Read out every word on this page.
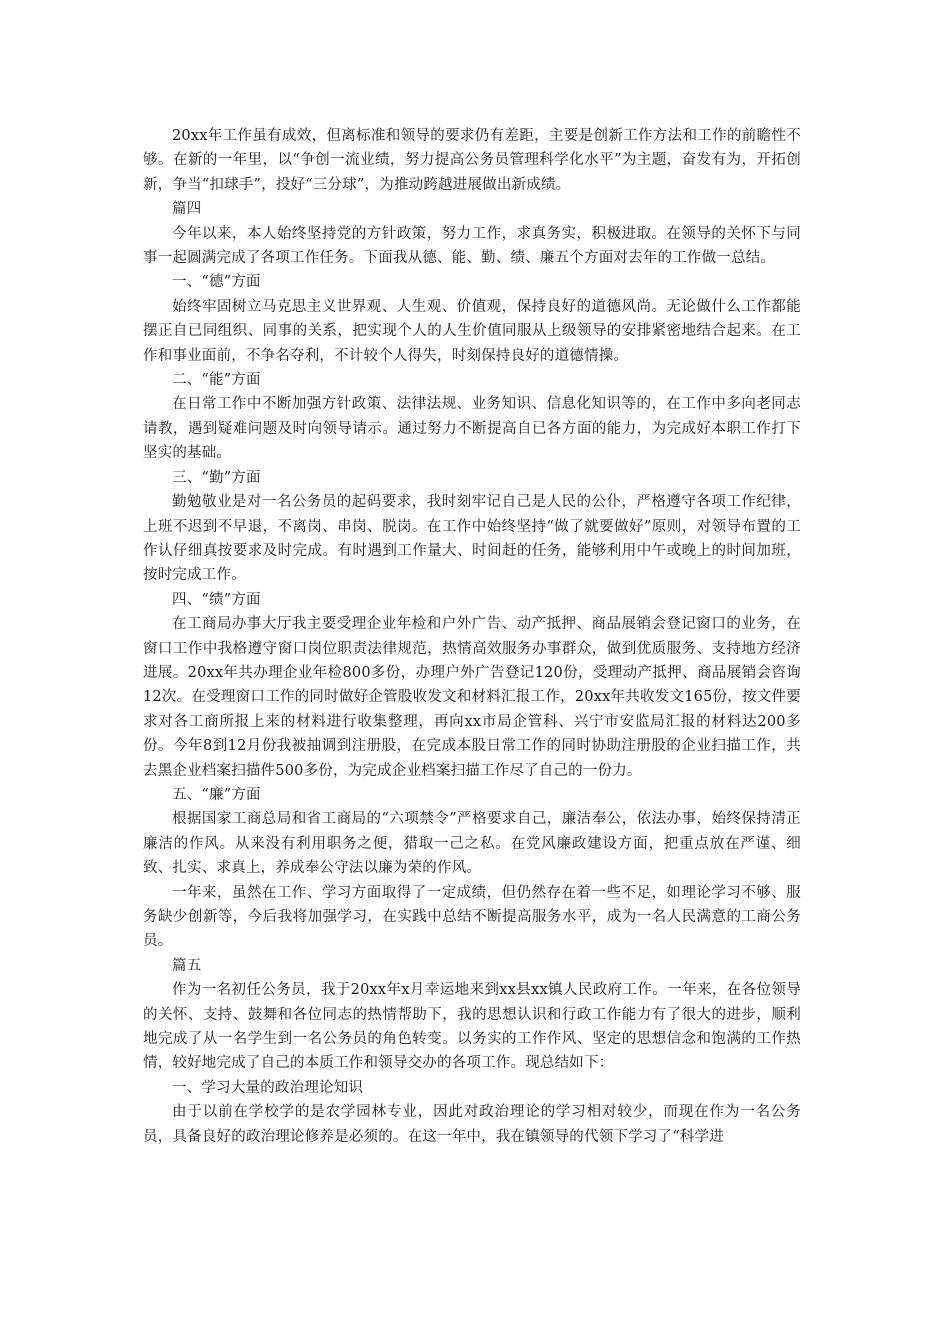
20xx年工作虽有成效，但离标准和领导的要求仍有差距，主要是创新工作方法和工作的前瞻性不够。在新的一年里，以“争创一流业绩，努力提高公务员管理科学化水平”为主题，奋发有为，开拓创新，争当“扣球手”，投好“三分球”，为推动跨越进展做出新成绩。

篇四

今年以来，本人始终坚持党的方针政策，努力工作，求真务实，积极进取。在领导的关怀下与同事一起圆满完成了各项工作任务。下面我从德、能、勤、绩、廉五个方面对去年的工作做一总结。

一、“德”方面

始终牢固树立马克思主义世界观、人生观、价值观，保持良好的道德风尚。无论做什么工作都能摆正自已同组织、同事的关系，把实现个人的人生价值同服从上级领导的安排紧密地结合起来。在工作和事业面前，不争名夺利，不计较个人得失，时刻保持良好的道德情操。

二、“能”方面

在日常工作中不断加强方针政策、法律法规、业务知识、信息化知识等的，在工作中多向老同志请教，遇到疑难问题及时向领导请示。通过努力不断提高自已各方面的能力，为完成好本职工作打下坚实的基础。

三、“勤”方面

勤勉敬业是对一名公务员的起码要求，我时刻牢记自己是人民的公仆，严格遵守各项工作纪律，上班不迟到不早退，不离岗、串岗、脱岗。在工作中始终坚持“做了就要做好”原则，对领导布置的工作认仔细真按要求及时完成。有时遇到工作量大、时间赶的任务，能够利用中午或晚上的时间加班，按时完成工作。

四、“绩”方面

在工商局办事大厅我主要受理企业年检和户外广告、动产抵押、商品展销会登记窗口的业务，在窗口工作中我格遵守窗口岗位职责法律规范，热情高效服务办事群众，做到优质服务、支持地方经济进展。20xx年共办理企业年检800多份，办理户外广告登记120份，受理动产抵押、商品展销会咨询12次。在受理窗口工作的同时做好企管股收发文和材料汇报工作，20xx年共收发文165份，按文件要求对各工商所报上来的材料进行收集整理，再向xx市局企管科、兴宁市安监局汇报的材料达200多份。今年8到12月份我被抽调到注册股，在完成本股日常工作的同时协助注册股的企业扫描工作，共去黑企业档案扫描件500多份，为完成企业档案扫描工作尽了自己的一份力。

五、“廉”方面

根据国家工商总局和省工商局的“六项禁令”严格要求自己，廉洁奉公，依法办事，始终保持清正廉洁的作风。从来没有利用职务之便，猎取一己之私。在党风廉政建设方面，把重点放在严谨、细致、扎实、求真上，养成奉公守法以廉为荣的作风。

一年来，虽然在工作、学习方面取得了一定成绩，但仍然存在着一些不足，如理论学习不够、服务缺少创新等，今后我将加强学习，在实践中总结不断提高服务水平，成为一名人民满意的工商公务员。

篇五

作为一名初任公务员，我于20xx年x月幸运地来到xx县xx镇人民政府工作。一年来，在各位领导的关怀、支持、鼓舞和各位同志的热情帮助下，我的思想认识和行政工作能力有了很大的进步，顺利地完成了从一名学生到一名公务员的角色转变。以务实的工作作风、坚定的思想信念和饱满的工作热情，较好地完成了自己的本质工作和领导交办的各项工作。现总结如下：

一、学习大量的政治理论知识

由于以前在学校学的是农学园林专业，因此对政治理论的学习相对较少，而现在作为一名公务员，具备良好的政治理论修养是必须的。在这一年中，我在镇领导的代领下学习了“科学进
